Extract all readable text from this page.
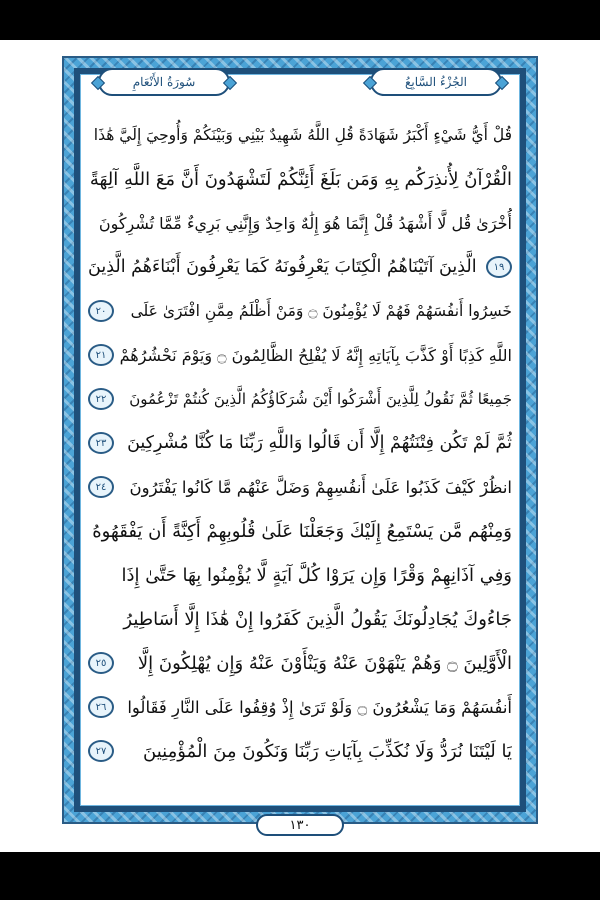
سُورَةُ الأَنْعَامِ	الجُزْءُ السَّابِعُ
قُلْ أَيُّ شَيْءٍ أَكْبَرُ شَهَادَةً قُلِ اللَّهُ شَهِيدٌ بَيْنِي وَبَيْنَكُمْ وَأُوحِيَ إِلَيَّ هَٰذَا
الْقُرْآنُ لِأُنذِرَكُم بِهِ وَمَن بَلَغَ أَئِنَّكُمْ لَتَشْهَدُونَ أَنَّ مَعَ اللَّهِ آلِهَةً
أُخْرَىٰ قُل لَّا أَشْهَدُ قُلْ إِنَّمَا هُوَ إِلَٰهٌ وَاحِدٌ وَإِنَّنِي بَرِيءٌ مِّمَّا تُشْرِكُونَ
١٩
الَّذِينَ آتَيْنَاهُمُ الْكِتَابَ يَعْرِفُونَهُ كَمَا يَعْرِفُونَ أَبْنَاءَهُمُ الَّذِينَ
خَسِرُوا أَنفُسَهُمْ فَهُمْ لَا يُؤْمِنُونَ ۝ وَمَنْ أَظْلَمُ مِمَّنِ افْتَرَىٰ عَلَى
٢٠
اللَّهِ كَذِبًا أَوْ كَذَّبَ بِآيَاتِهِ إِنَّهُ لَا يُفْلِحُ الظَّالِمُونَ ۝ وَيَوْمَ نَحْشُرُهُمْ
٢١
جَمِيعًا ثُمَّ نَقُولُ لِلَّذِينَ أَشْرَكُوا أَيْنَ شُرَكَاؤُكُمُ الَّذِينَ كُنتُمْ تَزْعُمُونَ
٢٢
ثُمَّ لَمْ تَكُن فِتْنَتُهُمْ إِلَّا أَن قَالُوا وَاللَّهِ رَبِّنَا مَا كُنَّا مُشْرِكِينَ
٢٣
انظُرْ كَيْفَ كَذَبُوا عَلَىٰ أَنفُسِهِمْ وَضَلَّ عَنْهُم مَّا كَانُوا يَفْتَرُونَ
٢٤
وَمِنْهُم مَّن يَسْتَمِعُ إِلَيْكَ وَجَعَلْنَا عَلَىٰ قُلُوبِهِمْ أَكِنَّةً أَن يَفْقَهُوهُ
وَفِي آذَانِهِمْ وَقْرًا وَإِن يَرَوْا كُلَّ آيَةٍ لَّا يُؤْمِنُوا بِهَا حَتَّىٰ إِذَا
جَاءُوكَ يُجَادِلُونَكَ يَقُولُ الَّذِينَ كَفَرُوا إِنْ هَٰذَا إِلَّا أَسَاطِيرُ
الْأَوَّلِينَ ۝ وَهُمْ يَنْهَوْنَ عَنْهُ وَيَنْأَوْنَ عَنْهُ وَإِن يُهْلِكُونَ إِلَّا
٢٥
أَنفُسَهُمْ وَمَا يَشْعُرُونَ ۝ وَلَوْ تَرَىٰ إِذْ وُقِفُوا عَلَى النَّارِ فَقَالُوا
٢٦
يَا لَيْتَنَا نُرَدُّ وَلَا نُكَذِّبَ بِآيَاتِ رَبِّنَا وَنَكُونَ مِنَ الْمُؤْمِنِينَ
٢٧
١٣٠
